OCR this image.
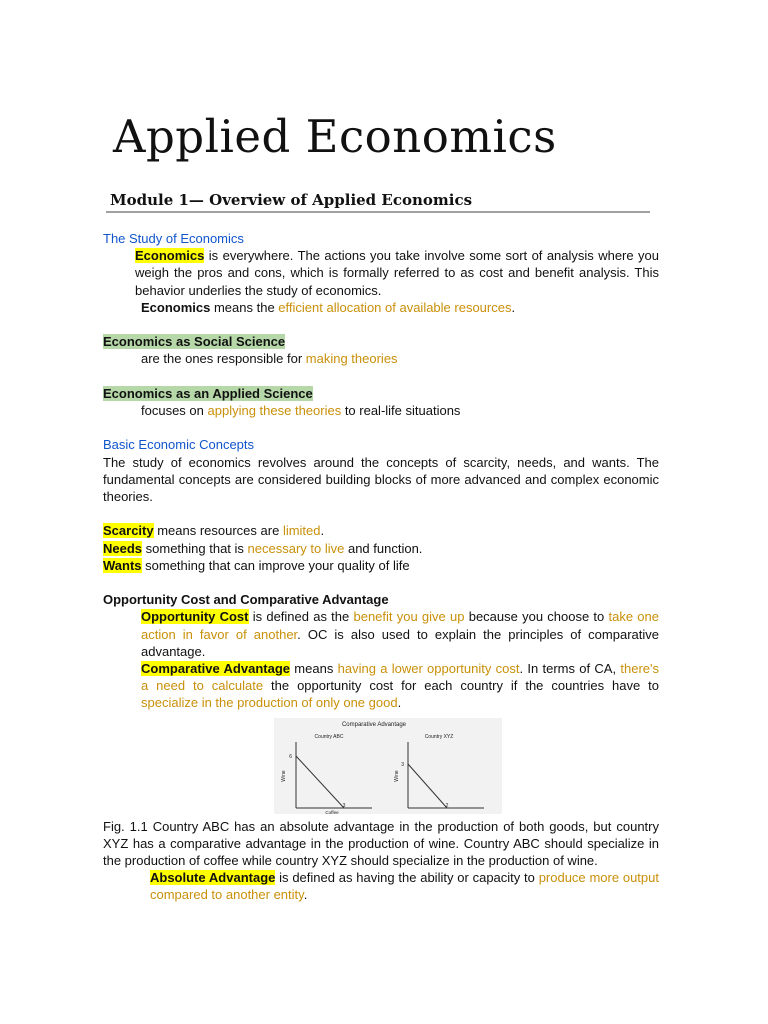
Applied Economics
Module 1— Overview of Applied Economics

The Study of Economics

Economics is everywhere. The actions you take involve some sort of analysis where you weigh the pros and cons, which is formally referred to as cost and benefit analysis. This behavior underlies the study of economics.

Economics means the efficient allocation of available resources.

Economics as Social Science

are the ones responsible for making theories

Economics as an Applied Science

focuses on applying these theories to real-life situations

Basic Economic Concepts

The study of economics revolves around the concepts of scarcity, needs, and wants. The fundamental concepts are considered building blocks of more advanced and complex economic theories.

Scarcity means resources are limited.

Needs something that is necessary to live and function.

Wants something that can improve your quality of life

Opportunity Cost and Comparative Advantage

Opportunity Cost is defined as the benefit you give up because you choose to take one action in favor of another. OC is also used to explain the principles of comparative advantage.

Comparative Advantage means having a lower opportunity cost. In terms of CA, there's a need to calculate the opportunity cost for each country if the countries have to specialize in the production of only one good.

Comparative Advantage
Country ABC	Country XYZ
6
3
Wine
Coffee
3
2
Wine

Fig. 1.1 Country ABC has an absolute advantage in the production of both goods, but country XYZ has a comparative advantage in the production of wine. Country ABC should specialize in the production of coffee while country XYZ should specialize in the production of wine.

Absolute Advantage is defined as having the ability or capacity to produce more output compared to another entity.
